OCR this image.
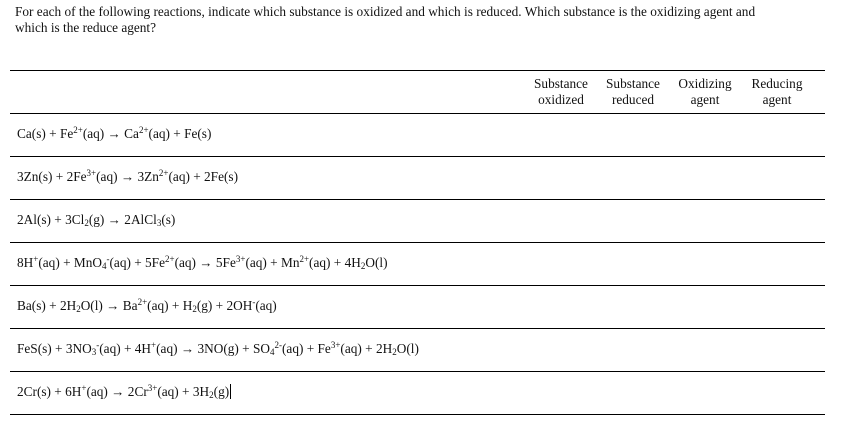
For each of the following reactions, indicate which substance is oxidized and which is reduced. Which substance is the oxidizing agent and
which is the reduce agent?
Substance
oxidized
Substance
reduced
Oxidizing
agent
Reducing
agent
$Ca(s) + Fe^{2+}(aq) \to Ca^{2+}(aq) + Fe(s)$
$3Zn(s) + 2Fe^{3+}(aq) \to 3Zn^{2+}(aq) + 2Fe(s)$
$2Al(s) + 3Cl_2(g)$ → 2AlCl$_3$(s)
$8H^+(aq) + MnO_4^-(aq) + 5Fe^{2+}(aq) \to 5Fe^{3+}(aq) + Mn^{2+}(aq) + 4H_2O(l)$
$Ba(s) + 2H_2O(l) \to Ba^{2+}(aq) + H_2(g) + 2OH^-(aq)$
$FeS(s) + 3NO_3^-(aq) + 4H^+(aq) \to 3NO(g) + SO_4^{2-}(aq) + Fe^{3+}(aq) + 2H_2O(l)$
$2Cr(s) + 6H^+(aq) \to 2Cr^{3+}(aq) + 3H_2(g)$
